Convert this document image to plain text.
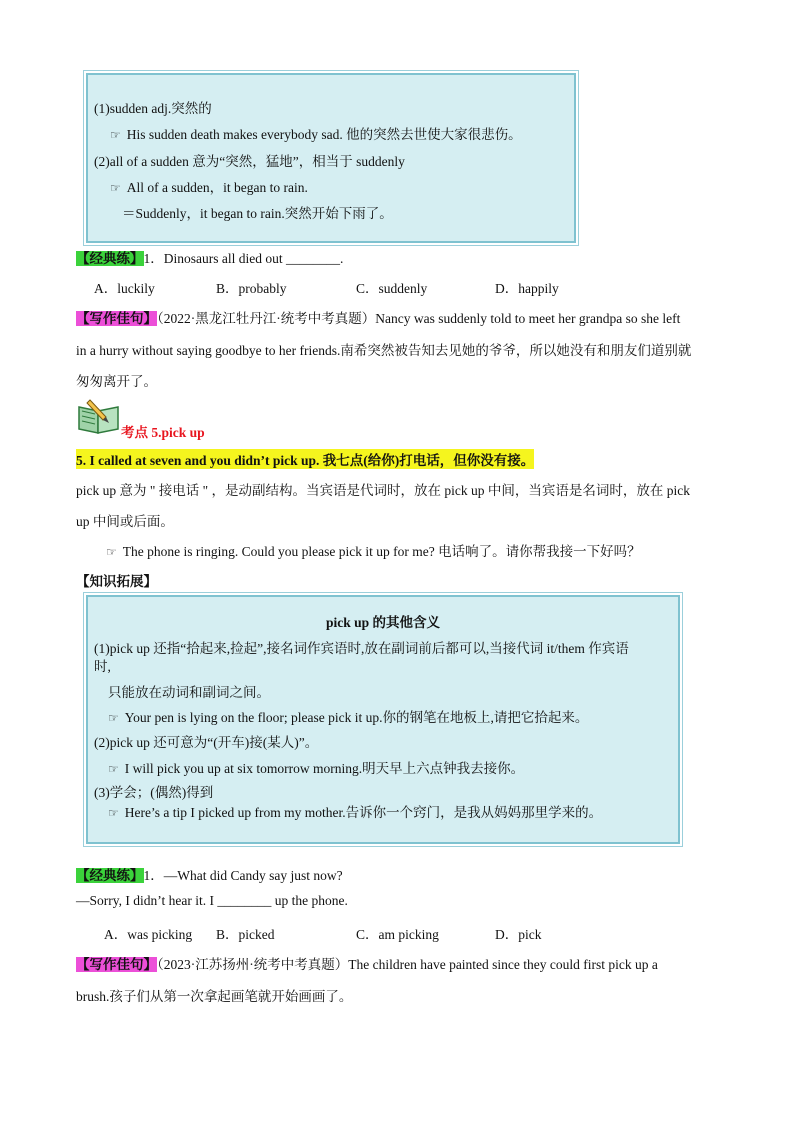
(1)sudden adj.突然的
☞ His sudden death makes everybody sad. 他的突然去世使大家很悲伤。
(2)all of a sudden 意为“突然，猛地”，相当于 suddenly
☞ All of a sudden，it began to rain.
＝Suddenly，it began to rain.突然开始下雨了。
【经典练】1．Dinosaurs all died out ________.
A．luckily	B．probably	C．suddenly	D．happily
【写作佳句】（2022·黑龙江牡丹江·统考中考真题）Nancy was suddenly told to meet her grandpa so she left
in a hurry without saying goodbye to her friends.南希突然被告知去见她的爷爷，所以她没有和朋友们道别就
匆匆离开了。
考点 5.pick up
5. I called at seven and you didn’t pick up. 我七点(给你)打电话，但你没有接。
pick up 意为 " 接电话 " ，是动副结构。当宾语是代词时，放在 pick up 中间，当宾语是名词时，放在 pick
up 中间或后面。
☞ The phone is ringing. Could you please pick it up for me? 电话响了。请你帮我接一下好吗？
【知识拓展】
pick up 的其他含义
(1)pick up 还指“拾起来,捡起”,接名词作宾语时,放在副词前后都可以,当接代词 it/them 作宾语
时,
只能放在动词和副词之间。
☞ Your pen is lying on the floor; please pick it up.你的钢笔在地板上,请把它拾起来。
(2)pick up 还可意为“(开车)接(某人)”。
☞ I will pick you up at six tomorrow morning.明天早上六点钟我去接你。
(3)学会；(偶然)得到
☞ Here’s a tip I picked up from my mother.告诉你一个窍门，是我从妈妈那里学来的。
【经典练】1．—What did Candy say just now?
—Sorry, I didn’t hear it. I ________ up the phone.
A．was picking B．picked	C．am picking	D．pick
【写作佳句】（2023·江苏扬州·统考中考真题）The children have painted since they could first pick up a
brush.孩子们从第一次拿起画笔就开始画画了。
